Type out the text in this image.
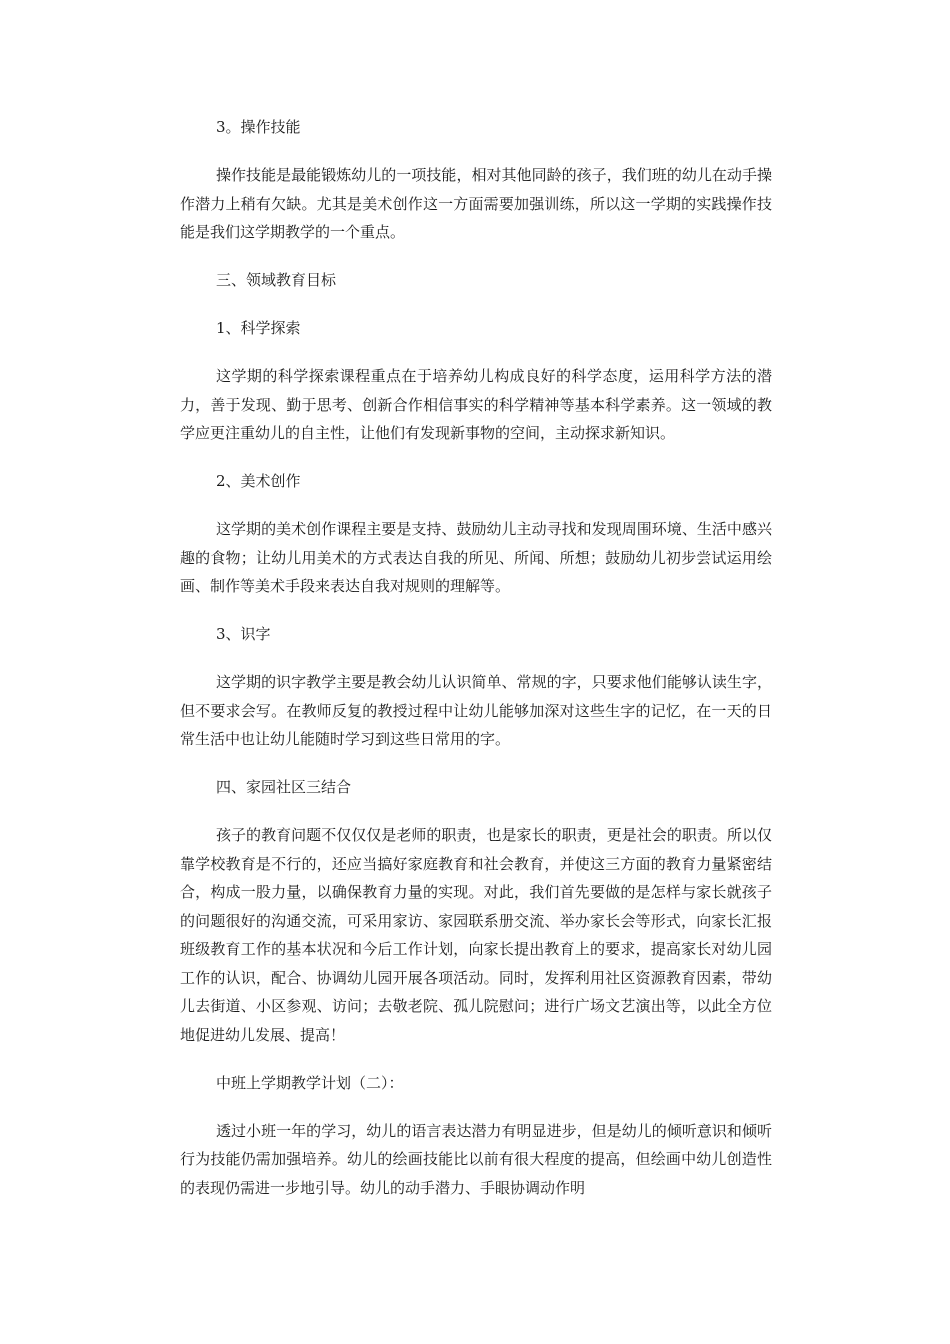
3。操作技能

操作技能是最能锻炼幼儿的一项技能，相对其他同龄的孩子，我们班的幼儿在动手操作潜力上稍有欠缺。尤其是美术创作这一方面需要加强训练，所以这一学期的实践操作技能是我们这学期教学的一个重点。

三、领域教育目标

1、科学探索

这学期的科学探索课程重点在于培养幼儿构成良好的科学态度，运用科学方法的潜力，善于发现、勤于思考、创新合作相信事实的科学精神等基本科学素养。这一领域的教学应更注重幼儿的自主性，让他们有发现新事物的空间，主动探求新知识。

2、美术创作

这学期的美术创作课程主要是支持、鼓励幼儿主动寻找和发现周围环境、生活中感兴趣的食物；让幼儿用美术的方式表达自我的所见、所闻、所想；鼓励幼儿初步尝试运用绘画、制作等美术手段来表达自我对规则的理解等。

3、识字

这学期的识字教学主要是教会幼儿认识简单、常规的字，只要求他们能够认读生字，但不要求会写。在教师反复的教授过程中让幼儿能够加深对这些生字的记忆，在一天的日常生活中也让幼儿能随时学习到这些日常用的字。

四、家园社区三结合

孩子的教育问题不仅仅仅是老师的职责，也是家长的职责，更是社会的职责。所以仅靠学校教育是不行的，还应当搞好家庭教育和社会教育，并使这三方面的教育力量紧密结合，构成一股力量，以确保教育力量的实现。对此，我们首先要做的是怎样与家长就孩子的问题很好的沟通交流，可采用家访、家园联系册交流、举办家长会等形式，向家长汇报班级教育工作的基本状况和今后工作计划，向家长提出教育上的要求，提高家长对幼儿园工作的认识，配合、协调幼儿园开展各项活动。同时，发挥利用社区资源教育因素，带幼儿去街道、小区参观、访问；去敬老院、孤儿院慰问；进行广场文艺演出等，以此全方位地促进幼儿发展、提高！

中班上学期教学计划（二）：

透过小班一年的学习，幼儿的语言表达潜力有明显进步，但是幼儿的倾听意识和倾听行为技能仍需加强培养。幼儿的绘画技能比以前有很大程度的提高，但绘画中幼儿创造性的表现仍需进一步地引导。幼儿的动手潜力、手眼协调动作明
